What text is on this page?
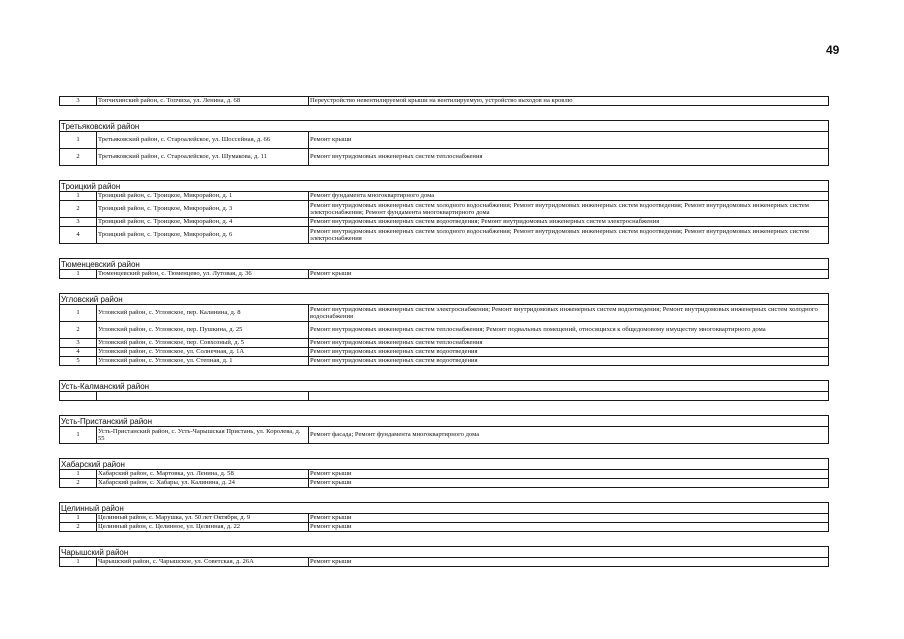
49
3	Топчихинский район, с. Топчиха, ул. Ленина, д. 68	Переустройство невентилируемой крыши на вентилируемую, устройство выходов на кровлю

Третьяковский район		
1	Третьяковский район, с. Староалейское, ул. Шоссейная, д. 66	Ремонт крыши
2	Третьяковский район, с. Староалейское, ул. Шумакова, д. 11	Ремонт внутридомовых инженерных систем теплоснабжения

Троицкий район		
1	Троицкий район, с. Троицкое, Микрорайон, д. 1	Ремонт фундамента многоквартирного дома
2	Троицкий район, с. Троицкое, Микрорайон, д. 3	Ремонт внутридомовых инженерных систем холодного водоснабжения; Ремонт внутридомовых инженерных систем водоотведения; Ремонт внутридомовых инженерных систем электроснабжения; Ремонт фундамента многоквартирного дома
3	Троицкий район, с. Троицкое, Микрорайон, д. 4	Ремонт внутридомовых инженерных систем водоотведения; Ремонт внутридомовых инженерных систем электроснабжения
4	Троицкий район, с. Троицкое, Микрорайон, д. 6	Ремонт внутридомовых инженерных систем холодного водоснабжения; Ремонт внутридомовых инженерных систем водоотведения; Ремонт внутридомовых инженерных систем электроснабжения

Тюменцевский район		
1	Тюменцевский район, с. Тюменцево, ул. Лутовая, д. 36	Ремонт крыши

Угловский район		
1	Угловский район, с. Угловское, пер. Калинина, д. 8	Ремонт внутридомовых инженерных систем электроснабжения; Ремонт внутридомовых инженерных систем водоотведения; Ремонт внутридомовых инженерных систем холодного водоснабжения
2	Угловский район, с. Угловское, пер. Пушкина, д. 25	Ремонт внутридомовых инженерных систем теплоснабжения; Ремонт подвальных помещений, относящихся к общедомовому имуществу многоквартирного дома
3	Угловский район, с. Угловское, пер. Совхозный, д. 5	Ремонт внутридомовых инженерных систем теплоснабжения
4	Угловский район, с. Угловское, ул. Солнечная, д. 1А	Ремонт внутридомовых инженерных систем водоотведения
5	Угловский район, с. Угловское, ул. Степная, д. 1	Ремонт внутридомовых инженерных систем водоотведения

Усть-Калманский район		

Усть-Пристанский район		
1	Усть-Пристанский район, с. Усть-Чарышская Пристань, ул. Королева, д. 55	Ремонт фасада; Ремонт фундамента многоквартирного дома

Хабарский район		
1	Хабарский район, с. Мартовка, ул. Ленина, д. 58	Ремонт крыши
2	Хабарский район, с. Хабары, ул. Калинина, д. 24	Ремонт крыши

Целинный район		
1	Целинный район, с. Марушка, ул. 50 лет Октября, д. 9	Ремонт крыши
2	Целинный район, с. Целинное, ул. Целинная, д. 22	Ремонт крыши

Чарышский район		
1	Чарышский район, с. Чарышское, ул. Советская, д. 26А	Ремонт крыши
